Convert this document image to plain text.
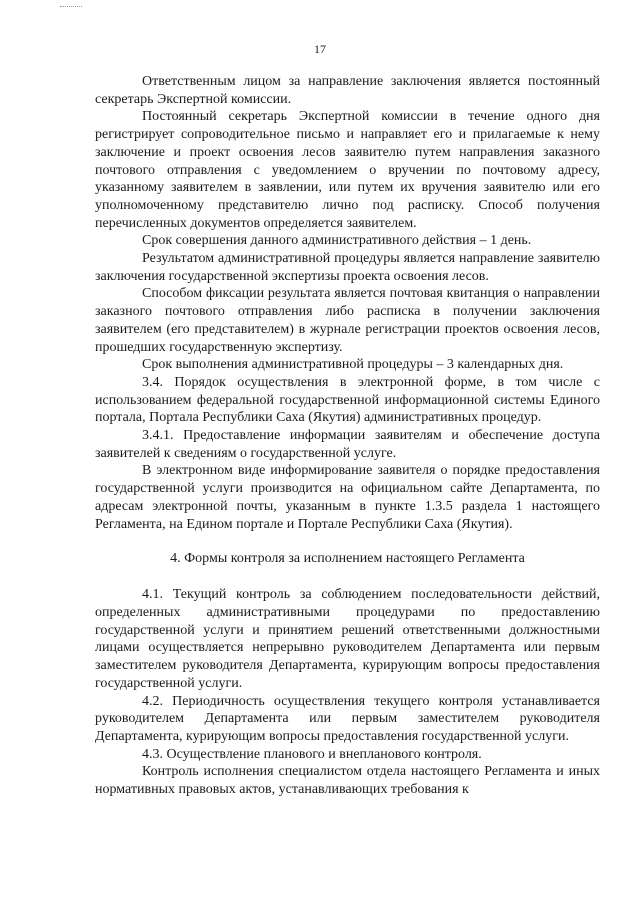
17

Ответственным лицом за направление заключения является постоянный секретарь Экспертной комиссии.

Постоянный секретарь Экспертной комиссии в течение одного дня регистрирует сопроводительное письмо и направляет его и прилагаемые к нему заключение и проект освоения лесов заявителю путем направления заказного почтового отправления с уведомлением о вручении по почтовому адресу, указанному заявителем в заявлении, или путем их вручения заявителю или его уполномоченному представителю лично под расписку. Способ получения перечисленных документов определяется заявителем.

Срок совершения данного административного действия – 1 день.

Результатом административной процедуры является направление заявителю заключения государственной экспертизы проекта освоения лесов.

Способом фиксации результата является почтовая квитанция о направлении заказного почтового отправления либо расписка в получении заключения заявителем (его представителем) в журнале регистрации проектов освоения лесов, прошедших государственную экспертизу.

Срок выполнения административной процедуры – 3 календарных дня.

3.4. Порядок осуществления в электронной форме, в том числе с использованием федеральной государственной информационной системы Единого портала, Портала Республики Саха (Якутия) административных процедур.

3.4.1. Предоставление информации заявителям и обеспечение доступа заявителей к сведениям о государственной услуге.

В электронном виде информирование заявителя о порядке предоставления государственной услуги производится на официальном сайте Департамента, по адресам электронной почты, указанным в пункте 1.3.5 раздела 1 настоящего Регламента, на Едином портале и Портале Республики Саха (Якутия).

4. Формы контроля за исполнением настоящего Регламента

4.1. Текущий контроль за соблюдением последовательности действий, определенных административными процедурами по предоставлению государственной услуги и принятием решений ответственными должностными лицами осуществляется непрерывно руководителем Департамента или первым заместителем руководителя Департамента, курирующим вопросы предоставления государственной услуги.

4.2. Периодичность осуществления текущего контроля устанавливается руководителем Департамента или первым заместителем руководителя Департамента, курирующим вопросы предоставления государственной услуги.

4.3. Осуществление планового и внепланового контроля.

Контроль исполнения специалистом отдела настоящего Регламента и иных нормативных правовых актов, устанавливающих требования к
